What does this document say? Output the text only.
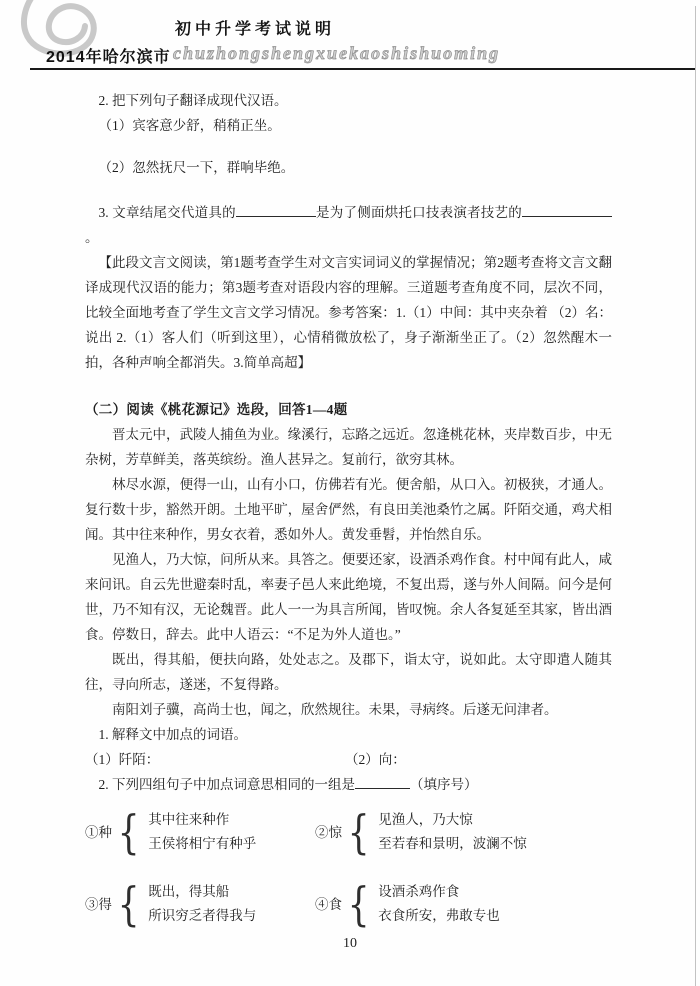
初中升学考试说明
2014年哈尔滨市 chuzhongshengxuekaoshishuoming

2. 把下列句子翻译成现代汉语。

（1）宾客意少舒，稍稍正坐。

（2）忽然抚尺一下，群响毕绝。

3. 文章结尾交代道具的	是为了侧面烘托口技表演者技艺的。

【此段文言文阅读，第1题考查学生对文言实词词义的掌握情况；第2题考查将文言文翻译成现代汉语的能力；第3题考查对语段内容的理解。三道题考查角度不同，层次不同，比较全面地考查了学生文言文学习情况。参考答案：1.（1）中间：其中夹杂着 （2）名：说出 2.（1）客人们（听到这里），心情稍微放松了，身子渐渐坐正了。（2）忽然醒木一拍，各种声响全都消失。3.简单高超】

（二）阅读《桃花源记》选段，回答1—4题

晋太元中，武陵人捕鱼为业。缘溪行，忘路之远近。忽逢桃花林，夹岸数百步，中无杂树，芳草鲜美，落英缤纷。渔人甚异之。复前行，欲穷其林。

林尽水源，便得一山，山有小口，仿佛若有光。便舍船，从口入。初极狭，才通人。复行数十步，豁然开朗。土地平旷，屋舍俨然，有良田美池桑竹之属。阡陌交通，鸡犬相闻。其中往来种作，男女衣着，悉如外人。黄发垂髫，并怡然自乐。

见渔人，乃大惊，问所从来。具答之。便要还家，设酒杀鸡作食。村中闻有此人，咸来问讯。自云先世避秦时乱，率妻子邑人来此绝境，不复出焉，遂与外人间隔。问今是何世，乃不知有汉，无论魏晋。此人一一为具言所闻，皆叹惋。余人各复延至其家，皆出酒食。停数日，辞去。此中人语云：“不足为外人道也。”

既出，得其船，便扶向路，处处志之。及郡下，诣太守，说如此。太守即遣人随其往，寻向所志，遂迷，不复得路。

南阳刘子骥，高尚士也，闻之，欣然规往。未果，寻病终。后遂无问津者。

1. 解释文中加点的词语。

（1）阡陌：	（2）向：

2. 下列四组句子中加点词意思相同的一组是	（填序号）

①种
{
其中往来种作
王侯将相宁有种乎
②惊
{
见渔人，乃大惊
至若春和景明，波澜不惊
③得
{
既出，得其船
所识穷乏者得我与
④食
{
设酒杀鸡作食
衣食所安，弗敢专也
10
